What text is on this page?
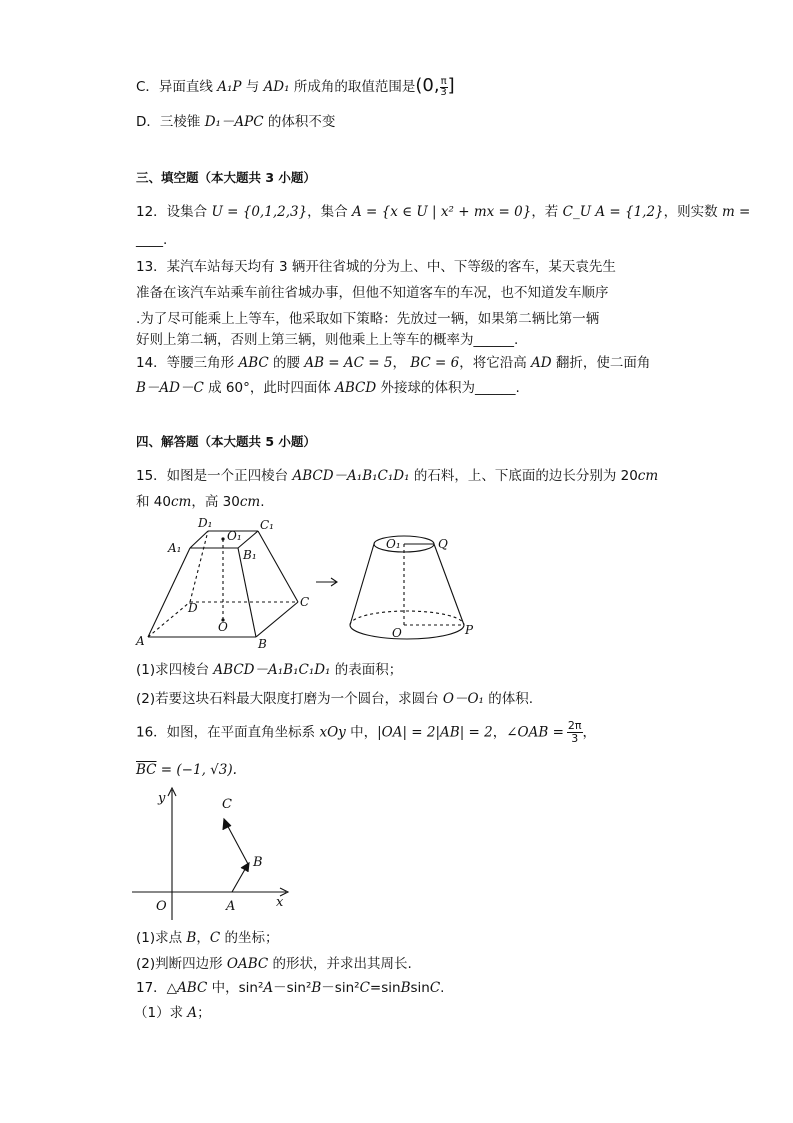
C．异面直线 A₁P 与 AD₁ 所成角的取值范围是(0, $\frac{\pi}{3}$ ]
D．三棱锥 D₁－APC 的体积不变
三、填空题（本大题共 3 小题）
12．设集合 U = {0,1,2,3}，集合 A = {x ∈ U | x² + mx = 0}，若 C_U A = {1,2}，则实数 m =
____.
13．某汽车站每天均有 3 辆开往省城的分为上、中、下等级的客车，某天袁先生
准备在该汽车站乘车前往省城办事，但他不知道客车的车况，也不知道发车顺序
.为了尽可能乘上上等车，他采取如下策略：先放过一辆，如果第二辆比第一辆
好则上第二辆，否则上第三辆，则他乘上上等车的概率为______.
14．等腰三角形 ABC 的腰 AB = AC = 5， BC = 6，将它沿高 AD 翻折，使二面角
B－AD－C 成 60°，此时四面体 ABCD 外接球的体积为______.
四、解答题（本大题共 5 小题）
15．如图是一个正四棱台 ABCD－A₁B₁C₁D₁ 的石料，上、下底面的边长分别为 20cm
和 40cm，高 30cm.
D₁	C₁
A₁
O₁
B₁
D	C
O
A	B
O₁	Q
O	P
(1)求四棱台 ABCD－A₁B₁C₁D₁ 的表面积；
(2)若要这块石料最大限度打磨为一个圆台，求圆台 O－O₁ 的体积.
16．如图，在平面直角坐标系 xOy 中，|OA| = 2|AB| = 2，∠OAB = $\frac{2\pi}{3}$ ，
$\overline{BC} = (-1$, √3).
y
x
O	A
B
C
(1)求点 B，C 的坐标；
(2)判断四边形 OABC 的形状，并求出其周长.
17．△ABC 中，sin²A－sin²B－sin²C=sinBsinC.
（1）求 A；
